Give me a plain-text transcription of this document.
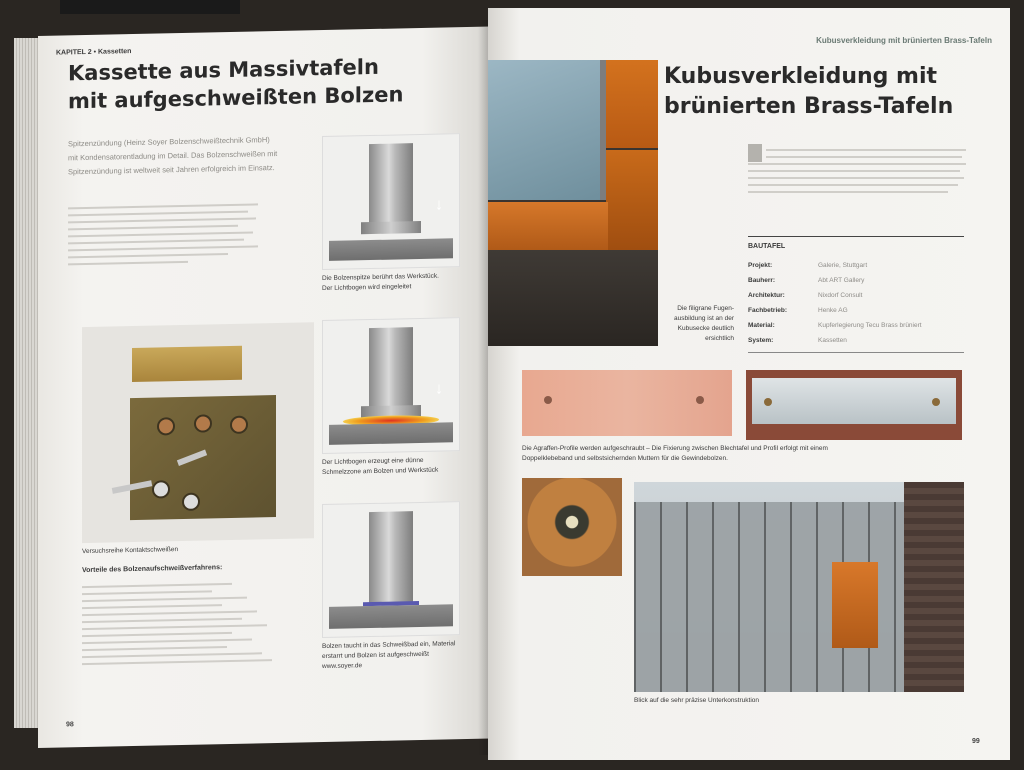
KAPITEL 2 • Kassetten
Kassette aus Massivtafeln
mit aufgeschweißten Bolzen
Spitzenzündung (Heinz Soyer Bolzenschweißtechnik GmbH)
mit Kondensatorentladung im Detail. Das Bolzenschweißen mit
Spitzenzündung ist weltweit seit Jahren erfolgreich im Einsatz.
Versuchsreihe Kontaktschweißen
Vorteile des Bolzenaufschweißverfahrens:
↓
Die Bolzenspitze berührt das Werkstück.
Der Lichtbogen wird eingeleitet
↓
Der Lichtbogen erzeugt eine dünne
Schmelzzone am Bolzen und Werkstück
Bolzen taucht in das Schweißbad ein, Material
erstarrt und Bolzen ist aufgeschweißt
www.soyer.de
98
Kubusverkleidung mit brünierten Brass-Tafeln
Die filigrane Fugen-
ausbildung ist an der
Kubusecke deutlich
ersichtlich
Kubusverkleidung mit
brünierten Brass-Tafeln
BAUTAFEL
Projekt:	Galerie, Stuttgart
Bauherr:	Abt ART Gallery
Architektur:	Nixdorf Consult
Fachbetrieb:	Henke AG
Material:	Kupferlegierung Tecu Brass brüniert
System:	Kassetten
Die Agraffen-Profile werden aufgeschraubt – Die Fixierung zwischen Blechtafel und Profil erfolgt mit einem
Doppelklebeband und selbstsichernden Muttern für die Gewindebolzen.
Blick auf die sehr präzise Unterkonstruktion
99
